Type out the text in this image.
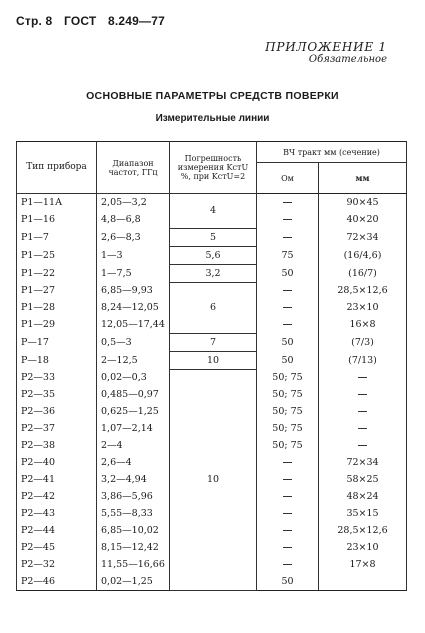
Стр. 8 ГОСТ 8.249—77
ПРИЛОЖЕНИЕ 1
Обязательное
ОСНОВНЫЕ ПАРАМЕТРЫ СРЕДСТВ ПОВЕРКИ
Измерительные линии
Тип прибора	Диапазон частот, ГГц	Погрешность измерения KстU %, при KстU=2	ВЧ тракт мм (сечение)	
			Ом	мм
P1—11А	2,05—3,2	4		90×45
P1—16	4,8—6,8			40×20
P1—7	2,6—8,3	5		72×34
P1—25	1—3	5,6	75	(16/4,6)
P1—22	1—7,5	3,2	50	(16/7)
P1—27	6,85—9,93	6		28,5×12,6
P1—28	8,24—12,05			23×10
P1—29	12,05—17,44			16×8
P—17	0,5—3	7	50	(7/3)
P—18	2—12,5	10	50	(7/13)
P2—33	0,02—0,3	10	50; 75	
P2—35	0,485—0,97		50; 75	
P2—36	0,625—1,25		50; 75	
P2—37	1,07—2,14		50; 75	
P2—38	2—4		50; 75	
P2—40	2,6—4			72×34
P2—41	3,2—4,94			58×25
P2—42	3,86—5,96			48×24
P2—43	5,55—8,33			35×15
P2—44	6,85—10,02			28,5×12,6
P2—45	8,15—12,42			23×10
P2—32	11,55—16,66			17×8
P2—46	0,02—1,25		50	
